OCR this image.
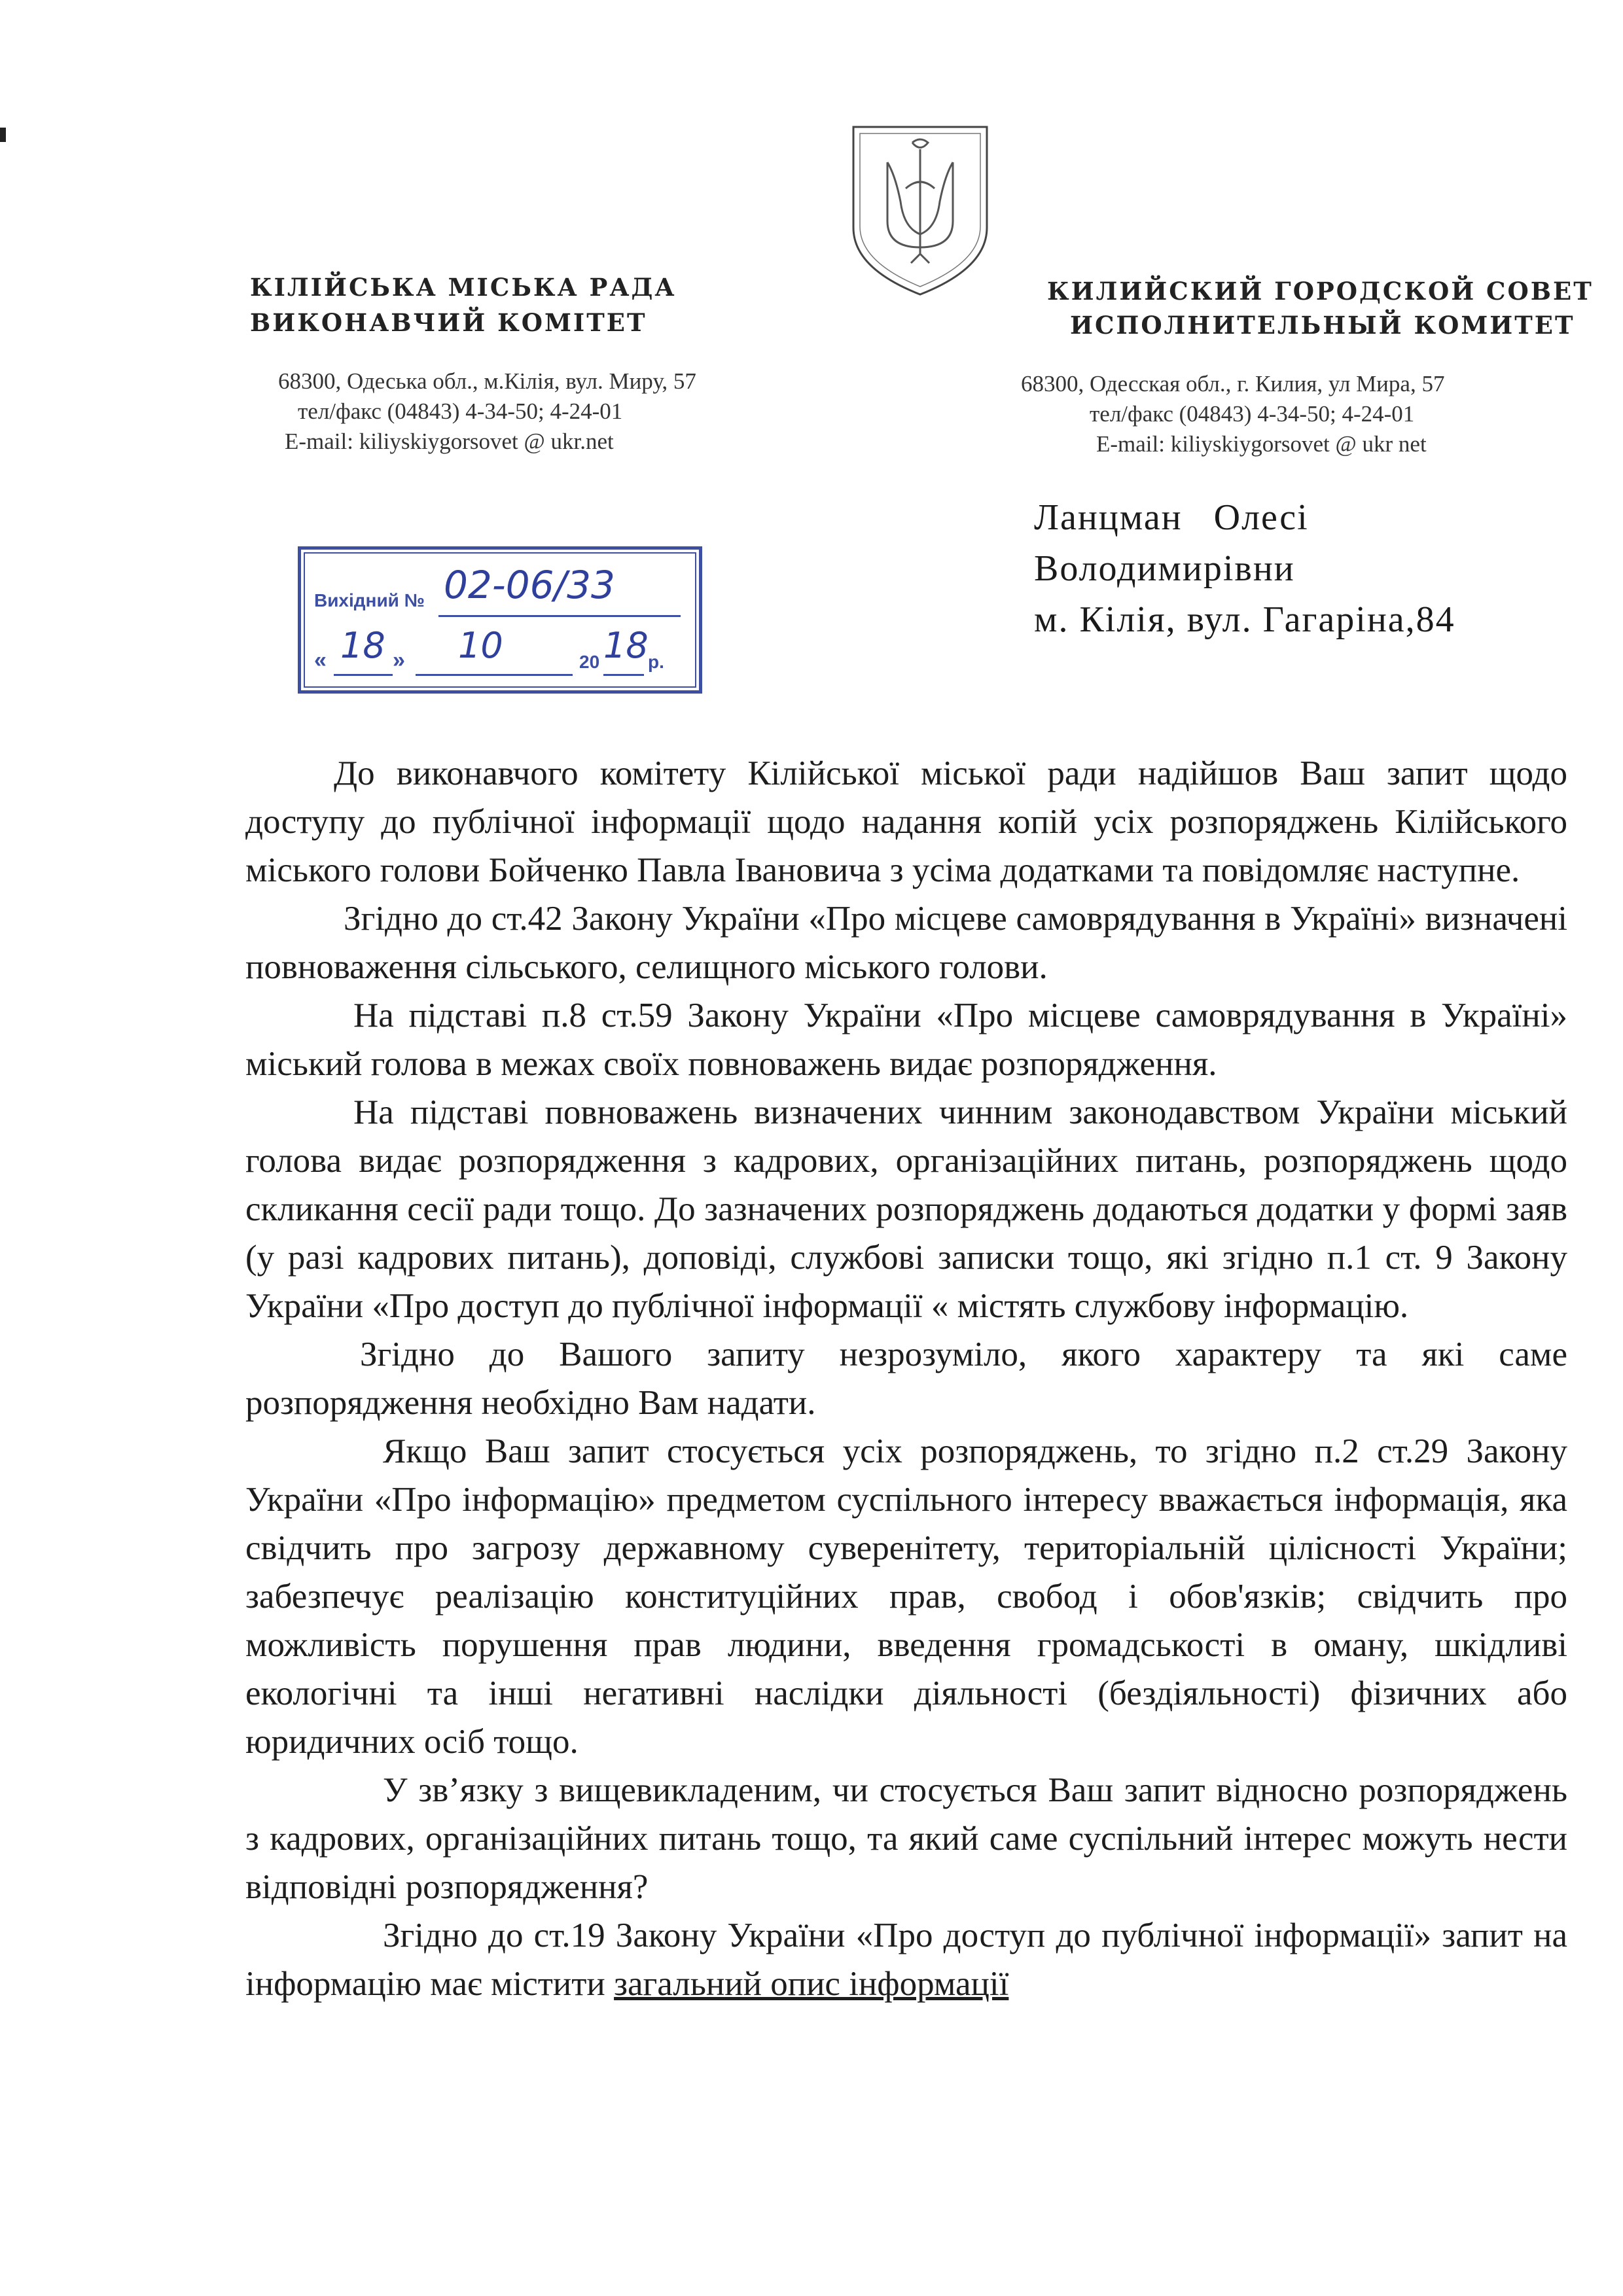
КІЛІЙСЬКА МІСЬКА РАДА
ВИКОНАВЧИЙ КОМІТЕТ
68300, Одеська обл., м.Кілія, вул. Миру, 57
тел/факс (04843) 4-34-50; 4-24-01
E-mail: kiliyskiygorsovet @ ukr.net
КИЛИЙСКИЙ ГОРОДСКОЙ СОВЕТ
ИСПОЛНИТЕЛЬНЫЙ КОМИТЕТ
68300, Одесская обл., г. Килия, ул Мира, 57
тел/факс (04843) 4-34-50; 4-24-01
E-mail: kiliyskiygorsovet @ ukr net
Ланцман   Олесі
Володимирівни
м. Кілія, вул. Гагаріна,84
Вихідний № 02-06/33
« 18 » 10	20 18 р.

До виконавчого комітету Кілійської міської ради надійшов Ваш запит щодо доступу до публічної інформації щодо надання копій усіх розпоряджень Кілійського міського голови Бойченко Павла Івановича з усіма додатками та повідомляє наступне.

Згідно до ст.42 Закону України «Про місцеве самоврядування в Україні» визначені повноваження сільського, селищного міського голови.

На підставі п.8 ст.59 Закону України «Про місцеве самоврядування в Україні» міський голова в межах своїх повноважень видає розпорядження.

На підставі повноважень визначених чинним законодавством України міський голова видає розпорядження з кадрових, організаційних питань, розпоряджень щодо скликання сесії ради тощо. До зазначених розпоряджень додаються додатки у формі заяв (у разі кадрових питань), доповіді, службові записки тощо, які згідно п.1 ст. 9 Закону України «Про доступ до публічної інформації « містять службову інформацію.

Згідно до Вашого запиту незрозуміло, якого характеру та які саме розпорядження необхідно Вам надати.

Якщо Ваш запит стосується усіх розпоряджень, то згідно п.2 ст.29 Закону України «Про інформацію» предметом суспільного інтересу вважається інформація, яка свідчить про загрозу державному суверенітету, територіальній цілісності України; забезпечує реалізацію конституційних прав, свобод і обов'язків; свідчить про можливість порушення прав людини, введення громадськості в оману, шкідливі екологічні та інші негативні наслідки діяльності (бездіяльності) фізичних або юридичних осіб тощо.

У зв’язку з вищевикладеним, чи стосується Ваш запит відносно розпоряджень з кадрових, організаційних питань тощо, та який саме суспільний інтерес можуть нести відповідні розпорядження?

Згідно до ст.19 Закону України «Про доступ до публічної інформації» запит на інформацію має містити загальний опис інформації
